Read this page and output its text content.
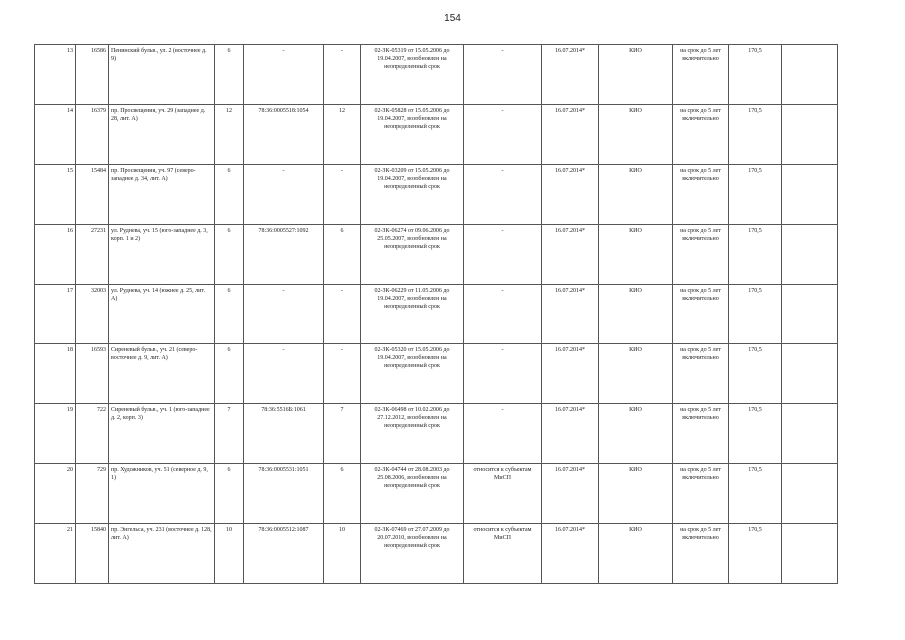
154
13	16586	Пенинский бульв., ул. 2 (восточнее д. 9)	6	-	-	02-ЗК-05319 от 15.05.2006 до 19.04.2007, возобновлен на неопределенный срок	-	16.07.2014*	КИО	на срок до 5 лет включительно	170,5	
14	16379	пр. Просвещения, уч. 29 (западнее д. 28, лит. А)	12	78:36:0005518:1054	12	02-ЗК-05828 от 15.05.2006 до 19.04.2007, возобновлен на неопределенный срок	-	16.07.2014*	КИО	на срок до 5 лет включительно	170,5	
15	15484	пр. Просвещения, уч. 97 (северо-западнее д. 34, лит. А)	6	-	-	02-ЗК-03209 от 15.05.2006 до 19.04.2007, возобновлен на неопределенный срок	-	16.07.2014*	КИО	на срок до 5 лет включительно	170,5	
16	27231	ул. Руднева, уч. 15 (юго-западнее д. 3, корп. 1 и 2)	6	78:36:0005527:1092	6	02-ЗК-06274 от 09.06.2006 до 25.05.2007, возобновлен на неопределенный срок	-	16.07.2014*	КИО	на срок до 5 лет включительно	170,5	
17	32003	ул. Руднева, уч. 14 (южнее д. 25, лит. А)	6	-	-	02-ЗК-06229 от 11.05.2006 до 19.04.2007, возобновлен на неопределенный срок	-	16.07.2014*	КИО	на срок до 5 лет включительно	170,5	
18	16593	Сиреневый бульв., уч. 21 (северо-восточнее д. 9, лит. А)	6	-	-	02-ЗК-05320 от 15.05.2006 до 19.04.2007, возобновлен на неопределенный срок	-	16.07.2014*	КИО	на срок до 5 лет включительно	170,5	
19	722	Сиреневый бульв., уч. 1 (юго-западнее д. 2, корп. 3)	7	78:36:5516Б:1061	7	02-ЗК-06498 от 10.02.2006 до 27.12.2012, возобновлен на неопределенный срок	-	16.07.2014*	КИО	на срок до 5 лет включительно	170,5	
20	729	пр. Художников, уч. 51 (северное д. 9, 1)	6	78:36:0005531:1051	6	02-ЗК-04744 от 28.08.2003 до 25.08.2006, возобновлен на неопределенный срок	относится к субъектам МиСП	16.07.2014*	КИО	на срок до 5 лет включительно	170,5	
21	15840	пр. Энгельса, уч. 231 (восточнее д. 128, лит. А)	10	78:36:0005512:1087	10	02-ЗК-07469 от 27.07.2009 до 20.07.2010, возобновлен на неопределенный срок	относится к субъектам МиСП	16.07.2014*	КИО	на срок до 5 лет включительно	170,5	
